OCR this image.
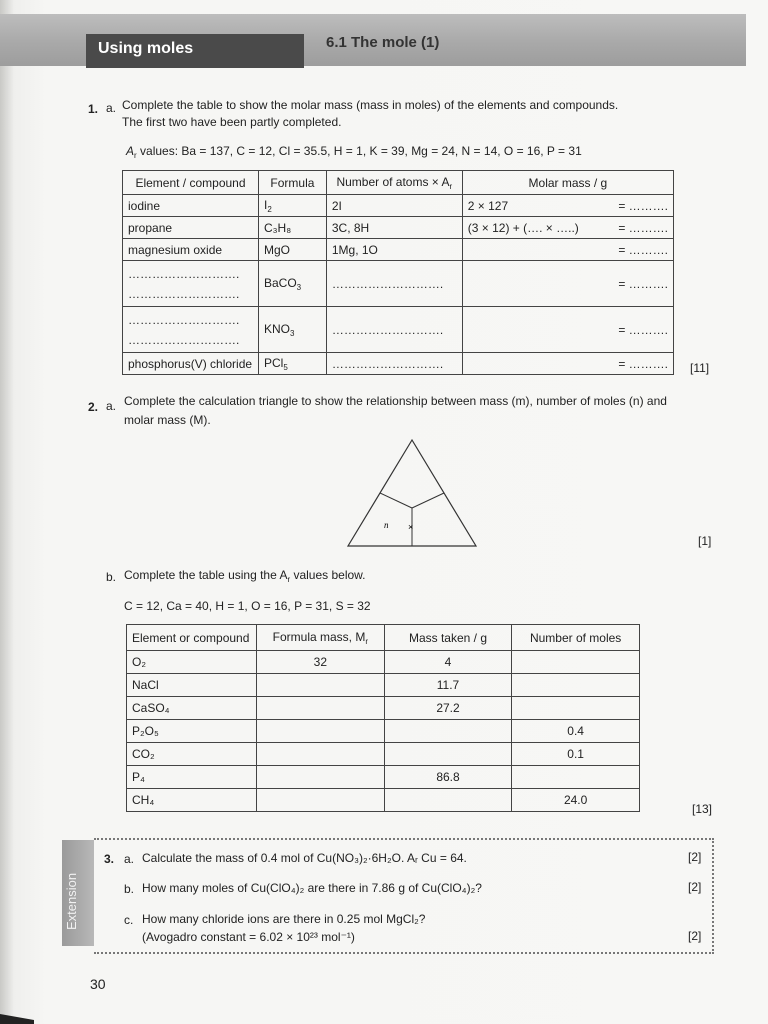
Using moles	6.1 The mole (1)
1. a. Complete the table to show the molar mass (mass in moles) of the elements and compounds.
The first two have been partly completed.
$A_r$ values: Ba = 137, C = 12, Cl = 35.5, H = 1, K = 39, Mg = 24, N = 14, O = 16, P = 31
Element / compound	Formula	Number of atoms × $A_r$	Molar mass / g
iodine	$I_2$	2I	2 × 127 = ……….

propane	C₃H₈	3C, 8H	(3 × 12) + (…. × …..) = ……….

magnesium oxide	MgO	1Mg, 1O	= ……….

……………………….
……………………….	BaCO$_3$	……………………….	= ……….

……………………….
……………………….	$KNO_3$	……………………….	= ……….

phosphorus(V) chloride	PCl$_5$	……………………….	= ………. [11]
2. a. Complete the calculation triangle to show the relationship between mass (m), number of moles (n) and
molar mass (M).
n ×
[1]
b. Complete the table using the $A_r$ values below.
C = 12, Ca = 40, H = 1, O = 16, P = 31, S = 32
Element or compound	Formula mass, $M_r$	Mass taken / g	Number of moles
O₂	32	4	
NaCl		11.7	
CaSO₄		27.2	
P₂O₅			0.4
CO₂			0.1
P₄		86.8	
CH₄			24.0
[13]
Extension
3. a. Calculate the mass of 0.4 mol of Cu(NO₃)₂·6H₂O. Aᵣ Cu = 64.	[2]
b. How many moles of Cu(ClO₄)₂ are there in 7.86 g of Cu(ClO₄)₂?	[2]
c. How many chloride ions are there in 0.25 mol MgCl₂?
(Avogadro constant = 6.02 × 10²³ mol⁻¹)	[2]
30
